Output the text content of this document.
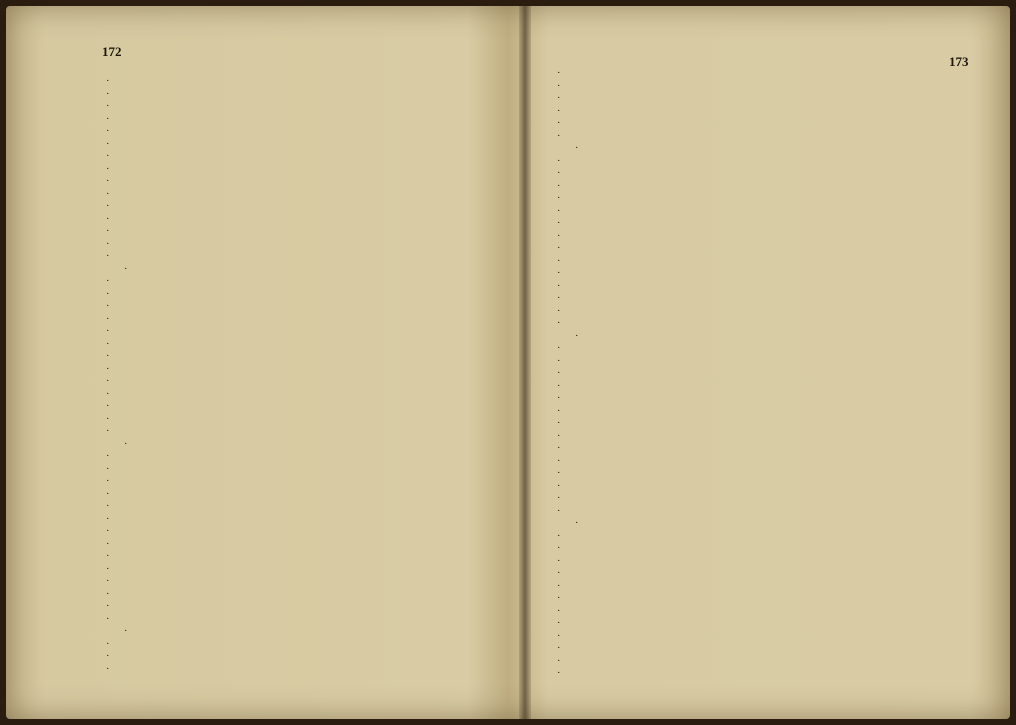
172
·
·
·
·
·
·
·
·
·
·
·
·
·
·
·
·
·
·
·
·
·
·
·
·
·
·
·
·
·
·
·
·
·
·
·
·
·
·
·
·
·
·
·
·
·
·
·
·
173
·
·
·
·
·
·
·
·
·
·
·
·
·
·
·
·
·
·
·
·
·
·
·
·
·
·
·
·
·
·
·
·
·
·
·
·
·
·
·
·
·
·
·
·
·
·
·
·
·
